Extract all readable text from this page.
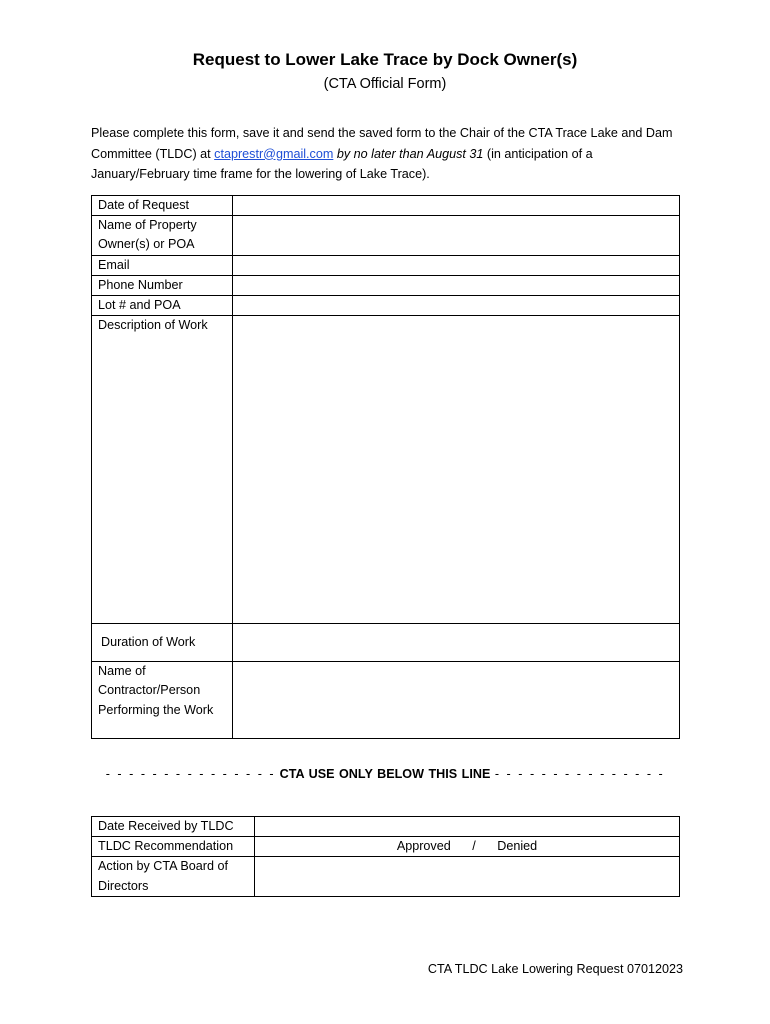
Request to Lower Lake Trace by Dock Owner(s)
(CTA Official Form)
Please complete this form, save it and send the saved form to the Chair of the CTA Trace Lake and Dam Committee (TLDC) at ctaprestr@gmail.com by no later than August 31 (in anticipation of a January/February time frame for the lowering of Lake Trace).
Date of Request	
Name of Property Owner(s) or POA	
Email	
Phone Number	
Lot # and POA	
Description of Work	
Duration of Work	
Name of Contractor/Person Performing the Work	
- - - - - - - - - - - - - - - CTA USE ONLY BELOW THIS LINE - - - - - - - - - - - - - - -
Date Received by TLDC	
TLDC Recommendation	Approved / Denied
Action by CTA Board of Directors	
CTA TLDC Lake Lowering Request 07012023
